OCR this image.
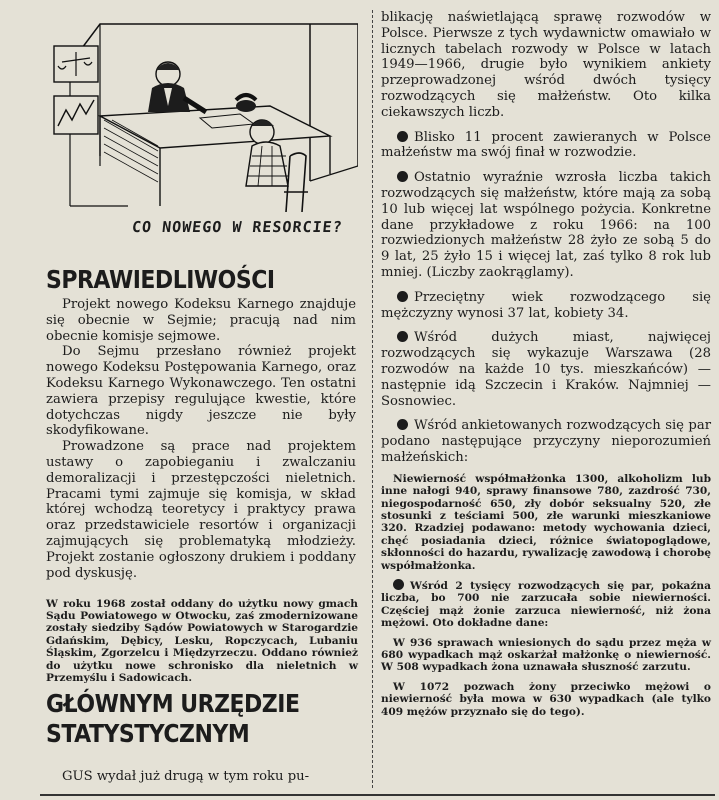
CO NOWEGO W RESORCIE?
SPRAWIEDLIWOŚCI

Projekt nowego Kodeksu Karnego znajduje się obecnie w Sejmie; pracują nad nim obecnie komisje sejmowe.

Do Sejmu przesłano również projekt nowego Kodeksu Postępowania Karnego, oraz Kodeksu Karnego Wykonawczego. Ten ostatni zawiera przepisy regulujące kwestie, które dotychczas nigdy jeszcze nie były skodyfikowane.

Prowadzone są prace nad projektem ustawy o zapobieganiu i zwalczaniu demoralizacji i przestępczości nieletnich. Pracami tymi zajmuje się komisja, w skład której wchodzą teoretycy i praktycy prawa oraz przedstawiciele resortów i organizacji zajmujących się problematyką młodzieży. Projekt zostanie ogłoszony drukiem i poddany pod dyskusję.

W roku 1968 został oddany do użytku nowy gmach Sądu Powiatowego w Otwocku, zaś zmodernizowane zostały siedziby Sądów Powiatowych w Starogardzie Gdańskim, Dębicy, Lesku, Ropczycach, Lubaniu Śląskim, Zgorzelcu i Międzyrzeczu. Oddano również do użytku nowe schronisko dla nieletnich w Przemyślu i Sadowicach.

GŁÓWNYM URZĘDZIE STATYSTYCZNYM

GUS wydał już drugą w tym roku pu-

blikację naświetlającą sprawę rozwodów w Polsce. Pierwsze z tych wydawnictw omawiało w licznych tabelach rozwody w Polsce w latach 1949—1966, drugie było wynikiem ankiety przeprowadzonej wśród dwóch tysięcy rozwodzących się małżeństw. Oto kilka ciekawszych liczb.

Blisko 11 procent zawieranych w Polsce małżeństw ma swój finał w rozwodzie.

Ostatnio wyraźnie wzrosła liczba takich rozwodzących się małżeństw, które mają za sobą 10 lub więcej lat wspólnego pożycia. Konkretne dane przykładowe z roku 1966: na 100 rozwiedzionych małżeństw 28 żyło ze sobą 5 do 9 lat, 25 żyło 15 i więcej lat, zaś tylko 8 rok lub mniej. (Liczby zaokrąglamy).

Przeciętny wiek rozwodzącego się mężczyzny wynosi 37 lat, kobiety 34.

Wśród dużych miast, najwięcej rozwodzących się wykazuje Warszawa (28 rozwodów na każde 10 tys. mieszkańców) — następnie idą Szczecin i Kraków. Najmniej — Sosnowiec.

Wśród ankietowanych rozwodzących się par podano następujące przyczyny nieporozumień małżeńskich:

Niewierność współmałżonka 1300, alkoholizm lub inne nałogi 940, sprawy finansowe 780, zazdrość 730, niegospodarność 650, zły dobór seksualny 520, złe stosunki z teściami 500, złe warunki mieszkaniowe 320. Rzadziej podawano: metody wychowania dzieci, chęć posiadania dzieci, różnice światopoglądowe, skłonności do hazardu, rywalizację zawodową i chorobę współmałżonka.

Wśród 2 tysięcy rozwodzących się par, pokaźna liczba, bo 700 nie zarzucała sobie niewierności. Częściej mąż żonie zarzuca niewierność, niż żona mężowi. Oto dokładne dane:

W 936 sprawach wniesionych do sądu przez męża w 680 wypadkach mąż oskarżał małżonkę o niewierność. W 508 wypadkach żona uznawała słuszność zarzutu.

W 1072 pozwach żony przeciwko mężowi o niewierność była mowa w 630 wypadkach (ale tylko 409 mężów przyznało się do tego).
